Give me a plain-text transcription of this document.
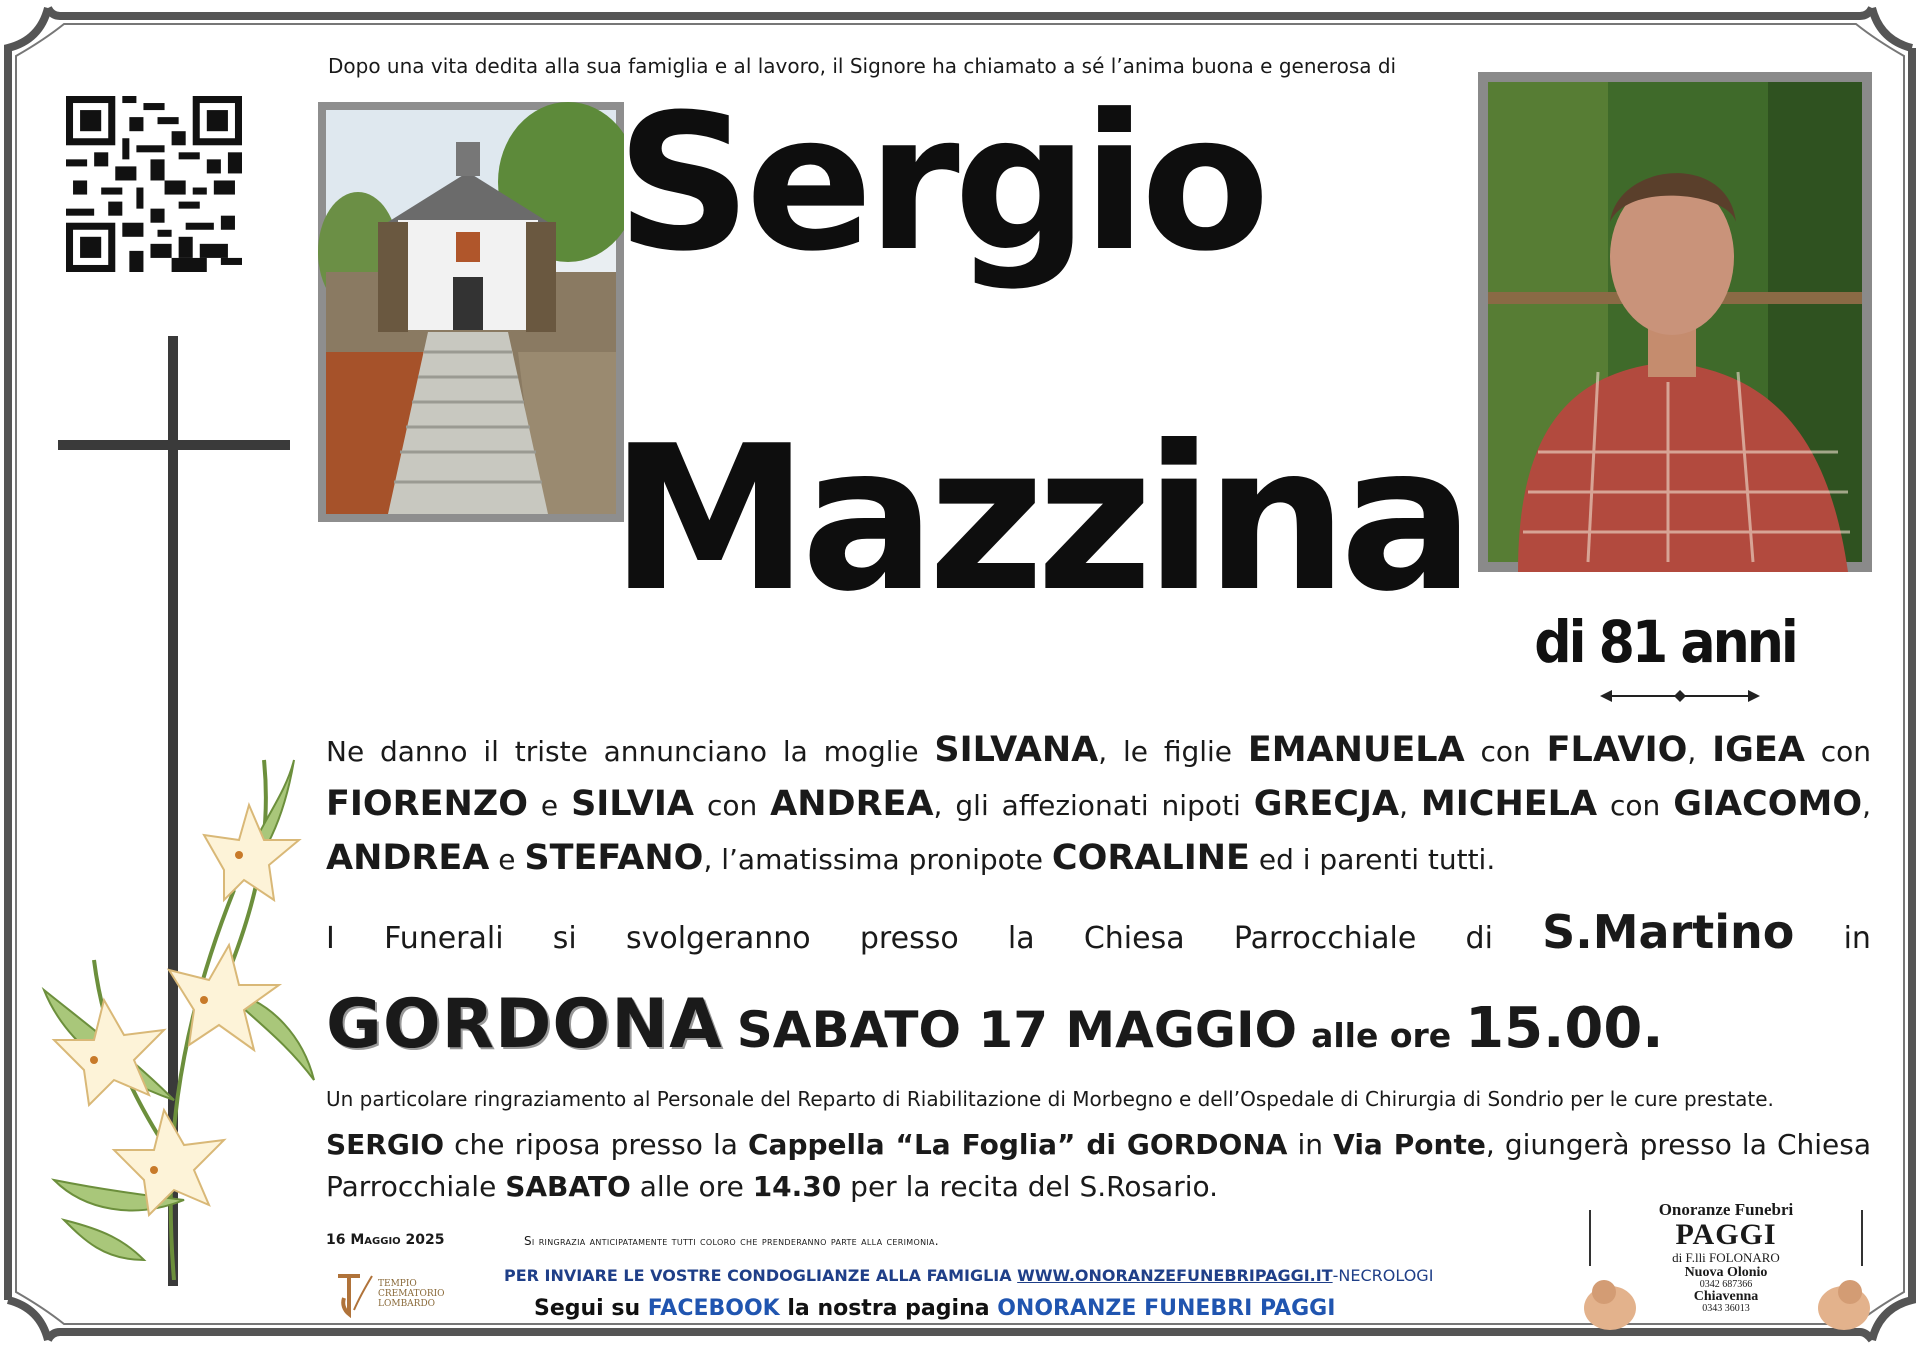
Dopo una vita dedita alla sua famiglia e al lavoro, il Signore ha chiamato a sé l’anima buona e generosa di
Sergio
Mazzina
di 81 anni
Ne danno il triste annunciano la moglie SILVANA, le figlie EMANUELA con FLAVIO, IGEA con FIORENZO e SILVIA con ANDREA, gli affezionati nipoti GRECJA, MICHELA con GIACOMO, ANDREA e STEFANO, l’amatissima pronipote CORALINE ed i parenti tutti.
I Funerali si svolgeranno presso la Chiesa Parrocchiale di S.Martino in
GORDONA SABATO 17 MAGGIO alle ore 15.00.
Un particolare ringraziamento al Personale del Reparto di Riabilitazione di Morbegno e dell’Ospedale di Chirurgia di Sondrio per le cure prestate.
SERGIO che riposa presso la Cappella “La Foglia” di GORDONA in Via Ponte, giungerà presso la Chiesa Parrocchiale SABATO alle ore 14.30 per la recita del S.Rosario.
16 Maggio 2025	Si ringrazia anticipatamente tutti coloro che prenderanno parte alla cerimonia.
TEMPIO
CREMATORIO
LOMBARDO
PER INVIARE LE VOSTRE CONDOGLIANZE ALLA FAMIGLIA WWW.ONORANZEFUNEBRIPAGGI.IT-NECROLOGI
Segui su FACEBOOK la nostra pagina ONORANZE FUNEBRI PAGGI
Onoranze Funebri
PAGGI
di F.lli FOLONARO
Nuova Olonio
0342 687366
Chiavenna
0343 36013
